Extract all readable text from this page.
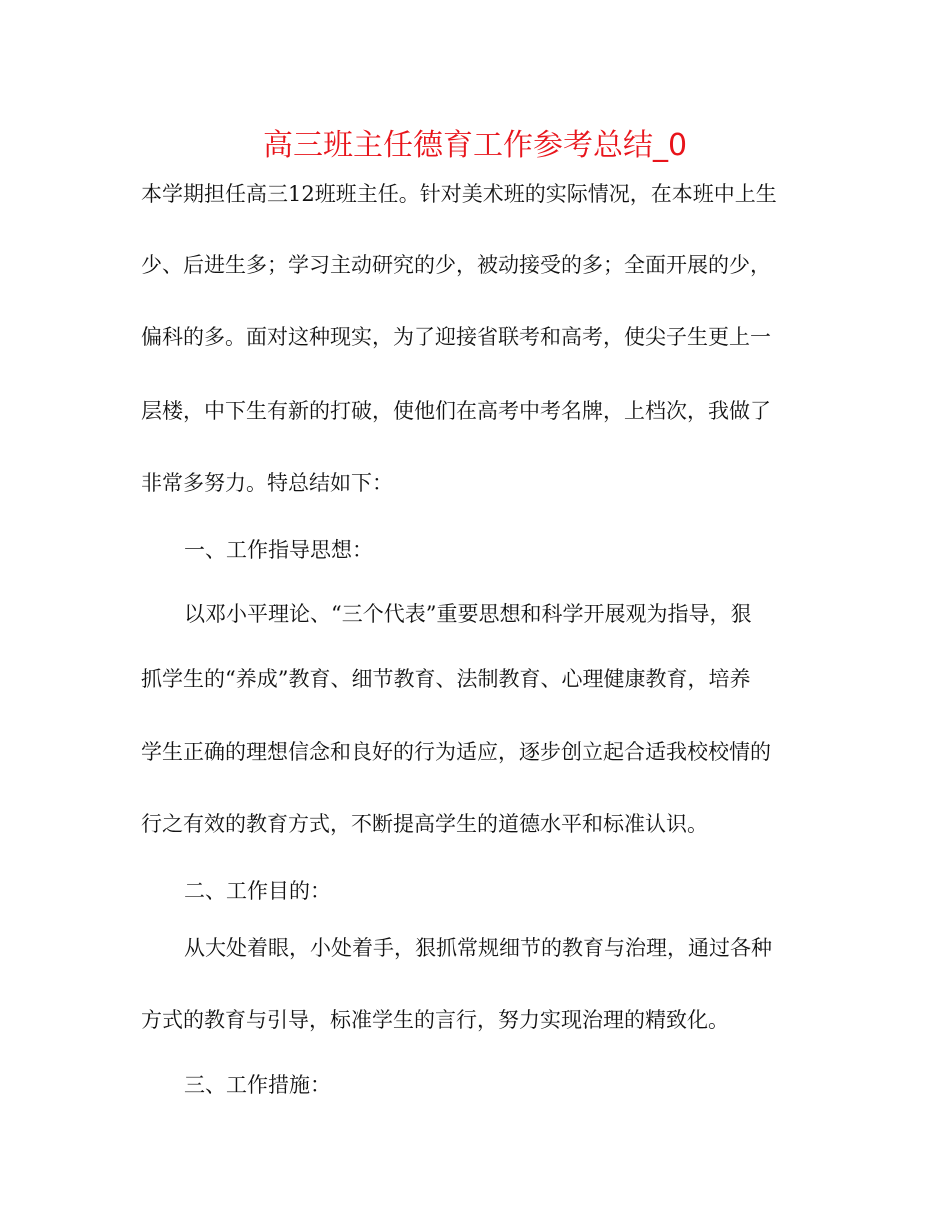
高三班主任德育工作参考总结_0
本学期担任高三12班班主任。针对美术班的实际情况，在本班中上生
少、后进生多；学习主动研究的少，被动接受的多；全面开展的少，
偏科的多。面对这种现实，为了迎接省联考和高考，使尖子生更上一
层楼，中下生有新的打破，使他们在高考中考名牌，上档次，我做了
非常多努力。特总结如下：
一、工作指导思想：
以邓小平理论、“三个代表”重要思想和科学开展观为指导，狠
抓学生的“养成”教育、细节教育、法制教育、心理健康教育，培养
学生正确的理想信念和良好的行为适应，逐步创立起合适我校校情的
行之有效的教育方式，不断提高学生的道德水平和标准认识。
二、工作目的：
从大处着眼，小处着手，狠抓常规细节的教育与治理，通过各种
方式的教育与引导，标准学生的言行，努力实现治理的精致化。
三、工作措施：
